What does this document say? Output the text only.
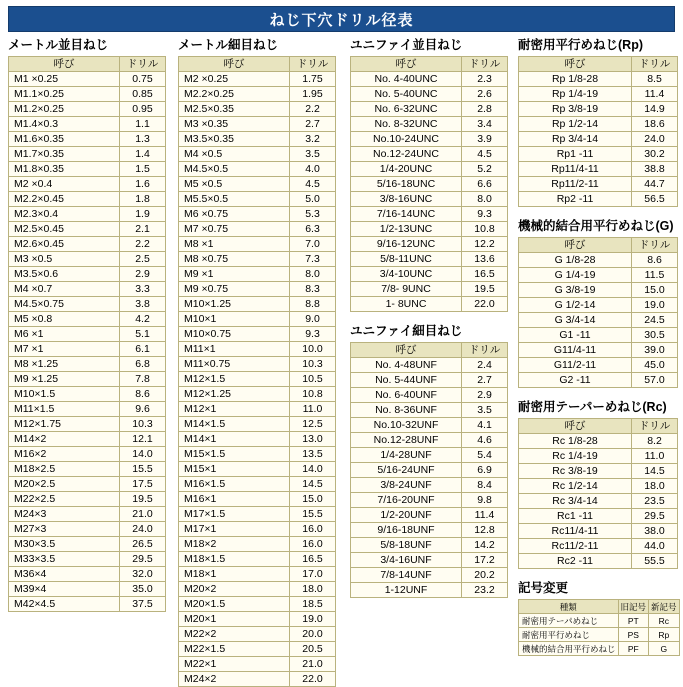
ねじ下穴ドリル径表
メートル並目ねじ
呼び	ドリル
M1 ×0.25	0.75
M1.1×0.25	0.85
M1.2×0.25	0.95
M1.4×0.3	1.1
M1.6×0.35	1.3
M1.7×0.35	1.4
M1.8×0.35	1.5
M2 ×0.4	1.6
M2.2×0.45	1.8
M2.3×0.4	1.9
M2.5×0.45	2.1
M2.6×0.45	2.2
M3 ×0.5	2.5
M3.5×0.6	2.9
M4 ×0.7	3.3
M4.5×0.75	3.8
M5 ×0.8	4.2
M6 ×1	5.1
M7 ×1	6.1
M8 ×1.25	6.8
M9 ×1.25	7.8
M10×1.5	8.6
M11×1.5	9.6
M12×1.75	10.3
M14×2	12.1
M16×2	14.0
M18×2.5	15.5
M20×2.5	17.5
M22×2.5	19.5
M24×3	21.0
M27×3	24.0
M30×3.5	26.5
M33×3.5	29.5
M36×4	32.0
M39×4	35.0
M42×4.5	37.5
メートル細目ねじ
呼び	ドリル
M2 ×0.25	1.75
M2.2×0.25	1.95
M2.5×0.35	2.2
M3 ×0.35	2.7
M3.5×0.35	3.2
M4 ×0.5	3.5
M4.5×0.5	4.0
M5 ×0.5	4.5
M5.5×0.5	5.0
M6 ×0.75	5.3
M7 ×0.75	6.3
M8 ×1	7.0
M8 ×0.75	7.3
M9 ×1	8.0
M9 ×0.75	8.3
M10×1.25	8.8
M10×1	9.0
M10×0.75	9.3
M11×1	10.0
M11×0.75	10.3
M12×1.5	10.5
M12×1.25	10.8
M12×1	11.0
M14×1.5	12.5
M14×1	13.0
M15×1.5	13.5
M15×1	14.0
M16×1.5	14.5
M16×1	15.0
M17×1.5	15.5
M17×1	16.0
M18×2	16.0
M18×1.5	16.5
M18×1	17.0
M20×2	18.0
M20×1.5	18.5
M20×1	19.0
M22×2	20.0
M22×1.5	20.5
M22×1	21.0
M24×2	22.0
ユニファイ並目ねじ
呼び	ドリル
No. 4-40UNC	2.3
No. 5-40UNC	2.6
No. 6-32UNC	2.8
No. 8-32UNC	3.4
No.10-24UNC	3.9
No.12-24UNC	4.5
1/4-20UNC	5.2
5/16-18UNC	6.6
3/8-16UNC	8.0
7/16-14UNC	9.3
1/2-13UNC	10.8
9/16-12UNC	12.2
5/8-11UNC	13.6
3/4-10UNC	16.5
7/8- 9UNC	19.5
1- 8UNC	22.0
ユニファイ細目ねじ
呼び	ドリル
No. 4-48UNF	2.4
No. 5-44UNF	2.7
No. 6-40UNF	2.9
No. 8-36UNF	3.5
No.10-32UNF	4.1
No.12-28UNF	4.6
1/4-28UNF	5.4
5/16-24UNF	6.9
3/8-24UNF	8.4
7/16-20UNF	9.8
1/2-20UNF	11.4
9/16-18UNF	12.8
5/8-18UNF	14.2
3/4-16UNF	17.2
7/8-14UNF	20.2
1-12UNF	23.2
耐密用平行めねじ(Rp)
呼び	ドリル
Rp 1/8-28	8.5
Rp 1/4-19	11.4
Rp 3/8-19	14.9
Rp 1/2-14	18.6
Rp 3/4-14	24.0
Rp1 -11	30.2
Rp11/4-11	38.8
Rp11/2-11	44.7
Rp2 -11	56.5
機械的結合用平行めねじ(G)
呼び	ドリル
G 1/8-28	8.6
G 1/4-19	11.5
G 3/8-19	15.0
G 1/2-14	19.0
G 3/4-14	24.5
G1 -11	30.5
G11/4-11	39.0
G11/2-11	45.0
G2 -11	57.0
耐密用テーパーめねじ(Rc)
呼び	ドリル
Rc 1/8-28	8.2
Rc 1/4-19	11.0
Rc 3/8-19	14.5
Rc 1/2-14	18.0
Rc 3/4-14	23.5
Rc1 -11	29.5
Rc11/4-11	38.0
Rc11/2-11	44.0
Rc2 -11	55.5
記号変更
種類	旧記号	新記号
耐密用テーパめねじ	PT	Rc
耐密用平行めねじ	PS	Rp
機械的結合用平行めねじ	PF	G
